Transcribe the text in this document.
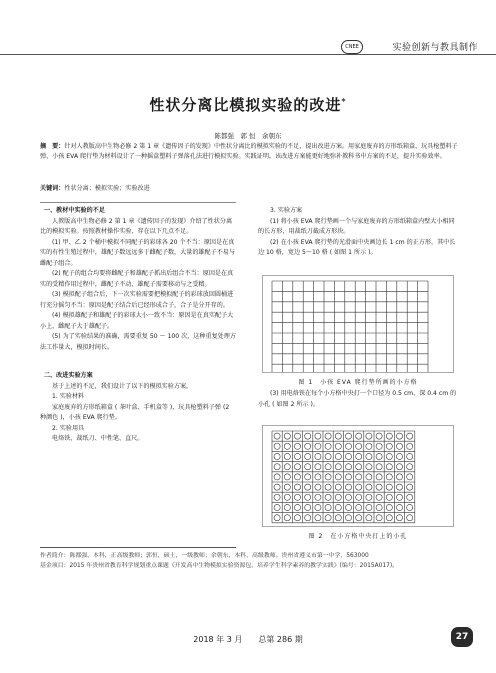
CNEE	实验创新与教具制作
性状分离比模拟实验的改进*
陈都强　郭 恒　余朝东
摘　要：针对人教版高中生物必修 2 第 1 章《遗传因子的发现》中性状分离比的模拟实验的不足，提出改进方案。用家庭废弃的方形纸箱盒、玩具枪塑料子弹、小孩 EVA 爬行垫为材料设计了一种摇盒塑料子弹落孔法进行模拟实验。实践证明，该改进方案能更好地弥补教科书中方案的不足，提升实验效率。
关键词：性状分离；模拟实验；实验改进

一、教材中实验的不足

人教版高中生物必修 2 第 1 章《遗传因子的发现》介绍了性状分离比的模拟实验。按照教材操作实验，存在以下几点不足。

(1) 甲、乙 2 个桶中模拟不同配子的彩球各 20 个不当：原因是在真实的有性生殖过程中，雄配子数远远多于雌配子数，大量的雄配子不易与雌配子组合。

(2) 配子的组合均要将雌配子和雄配子抓出后组合不当：原因是在真实的受精作用过程中，雌配子不动、雄配子需要移动与之受精。

(3) 模拟配子组合后，下一次实验需要把模拟配子的彩球放回圆桶进行充分摇匀不当：原因是配子结合后已经形成合子，合子是分开存的。

(4) 模拟雄配子和雄配子的彩球大小一致不当：原因是在真实配子大小上，雌配子大于雄配子。

(5) 为了实验结果的准确，需要重复 50 ～ 100 次，这种重复处理方法工作量大，模拟时间长。

二、改进实验方案

基于上述的不足，我们设计了以下的模拟实验方案。

1. 实验材料

家庭废弃的方形纸箱盒 ( 茶叶盒、手机盒等 )，玩具枪塑料子弹 (2 种颜色 )，小孩 EVA 爬行垫。

2. 实验用具

电烙铁、裁纸刀、中性笔、直尺。

3. 实验方案

(1) 将小孩 EVA 爬行垫画一个与家庭废弃的方形纸箱盒内壁大小相同的长方形，用裁纸刀截成方形块。

(2) 在小孩 EVA 爬行垫的光滑面中央画边长 1 cm 的正方形，其中长边 10 格，宽边 5～10 格 ( 如图 1 所示 )。

图 1　小孩 EVA 爬行垫所画的小方格

(3) 用电烙铁在每个小方格中央打一个口径为 0.5 cm、深 0.4 cm 的小孔 ( 如图 2 所示 )。

图 2　在小方格中央打上的小孔
作者简介：陈都强，本科，正高级教师；郭恒，硕士，一级教师；余朝东，本科，高级教师。贵州省遵义市第一中学，563000
基金项目：2015 年贵州省教育科学规划重点课题《开发高中生物模拟实验资源包，培养学生科学素养的教学实践》(编号：2015A017)。
2018 年 3 月　　总第 286 期	27
